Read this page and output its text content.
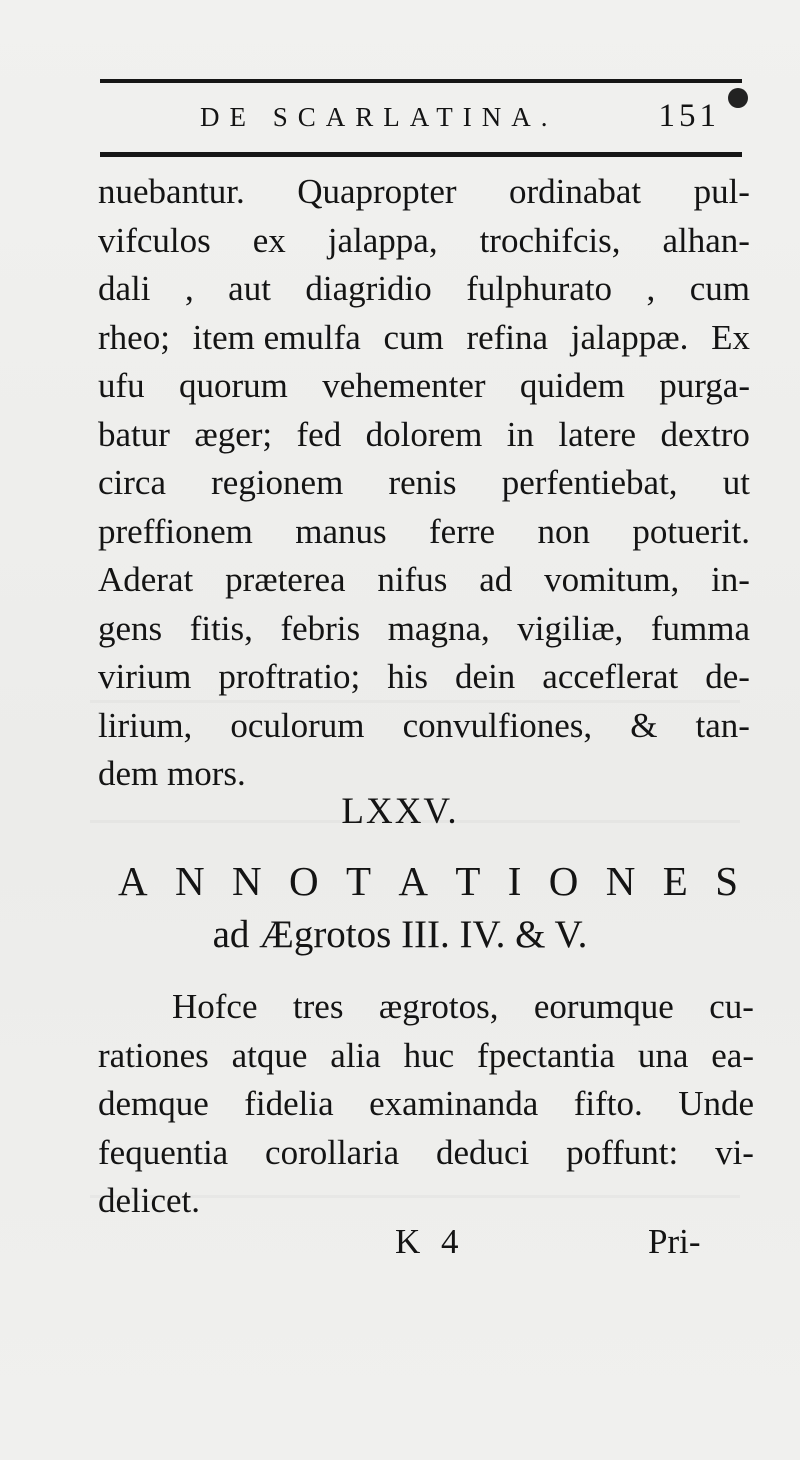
DE SCARLATINA.	151
nuebantur. Quapropter ordinabat pul-
vifculos ex jalappa, trochifcis, alhan-
dali , aut diagridio fulphurato , cum
rheo; item emulfa cum refina jalappæ. Ex
ufu quorum vehementer quidem purga-
batur æger; fed dolorem in latere dextro
circa regionem renis perfentiebat, ut
preffionem manus ferre non potuerit.
Aderat præterea nifus ad vomitum, in-
gens fitis, febris magna, vigiliæ, fumma
virium proftratio; his dein acceflerat de-
lirium, oculorum convulfiones, & tan-
dem mors.
LXXV.
A N N O T A T I O N E S
ad Ægrotos III. IV. & V.
Hofce tres ægrotos, eorumque cu-
rationes atque alia huc fpectantia una ea-
demque fidelia examinanda fifto. Unde
fequentia corollaria deduci poffunt: vi-
delicet.
K 4	Pri-
